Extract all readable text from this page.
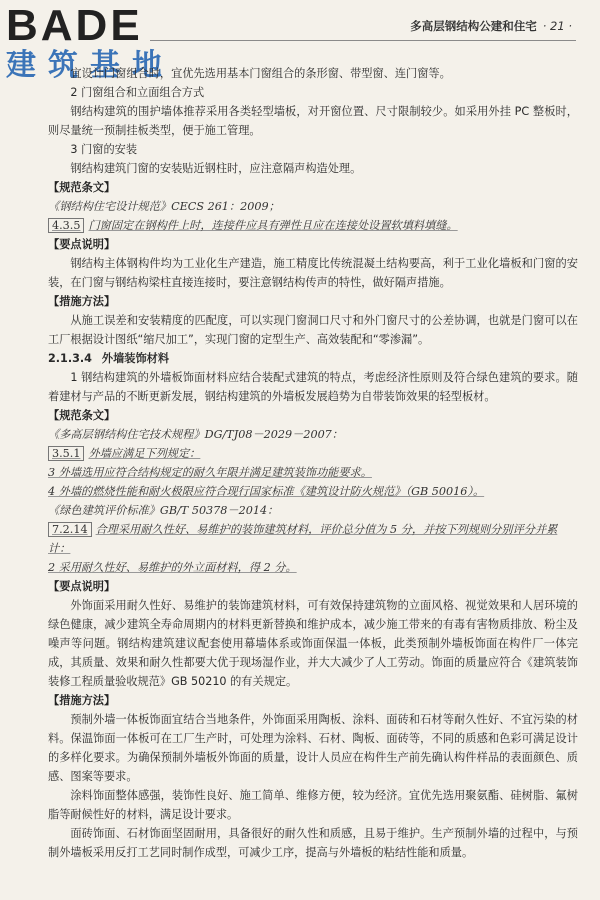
BADE
建筑基地
多高层钢结构公建和住宅 · 21 ·

宜设计门窗组合时，宜优先选用基本门窗组合的条形窗、带型窗、连门窗等。

2 门窗组合和立面组合方式

钢结构建筑的围护墙体推荐采用各类轻型墙板，对开窗位置、尺寸限制较少。如采用外挂 PC 整板时，则尽量统一预制挂板类型，便于施工管理。

3 门窗的安装

钢结构建筑门窗的安装贴近钢柱时，应注意隔声构造处理。

【规范条文】

《钢结构住宅设计规范》CECS 261：2009；

4.3.5 门窗固定在钢构件上时，连接件应具有弹性且应在连接处设置软填料填缝。

【要点说明】

钢结构主体钢构件均为工业化生产建造，施工精度比传统混凝土结构要高，利于工业化墙板和门窗的安装，在门窗与钢结构梁柱直接连接时，要注意钢结构传声的特性，做好隔声措施。

【措施方法】

从施工误差和安装精度的匹配度，可以实现门窗洞口尺寸和外门窗尺寸的公差协调，也就是门窗可以在工厂根据设计图纸“缩尺加工”，实现门窗的定型生产、高效装配和“零渗漏”。

2.1.3.4 外墙装饰材料

1 钢结构建筑的外墙板饰面材料应结合装配式建筑的特点，考虑经济性原则及符合绿色建筑的要求。随着建材与产品的不断更新发展，钢结构建筑的外墙板发展趋势为自带装饰效果的轻型板材。

【规范条文】

《多高层钢结构住宅技术规程》DG/TJ08－2029－2007：

3.5.1 外墙应满足下列规定：

3 外墙选用应符合结构规定的耐久年限并满足建筑装饰功能要求。

4 外墙的燃烧性能和耐火极限应符合现行国家标准《建筑设计防火规范》（GB 50016）。

《绿色建筑评价标准》GB/T 50378－2014：

7.2.14 合理采用耐久性好、易维护的装饰建筑材料，评价总分值为 5 分，并按下列规则分别评分并累计：

2 采用耐久性好、易维护的外立面材料，得 2 分。

【要点说明】

外饰面采用耐久性好、易维护的装饰建筑材料，可有效保持建筑物的立面风格、视觉效果和人居环境的绿色健康，减少建筑全寿命周期内的材料更新替换和维护成本，减少施工带来的有毒有害物质排放、粉尘及噪声等问题。钢结构建筑建议配套使用幕墙体系或饰面保温一体板，此类预制外墙板饰面在构件厂一体完成，其质量、效果和耐久性都要大优于现场湿作业，并大大减少了人工劳动。饰面的质量应符合《建筑装饰装修工程质量验收规范》GB 50210 的有关规定。

【措施方法】

预制外墙一体板饰面宜结合当地条件，外饰面采用陶板、涂料、面砖和石材等耐久性好、不宜污染的材料。保温饰面一体板可在工厂生产时，可处理为涂料、石材、陶板、面砖等，不同的质感和色彩可满足设计的多样化要求。为确保预制外墙板外饰面的质量，设计人员应在构件生产前先确认构件样品的表面颜色、质感、图案等要求。

涂料饰面整体感强，装饰性良好、施工简单、维修方便，较为经济。宜优先选用聚氨酯、硅树脂、氟树脂等耐候性好的材料，满足设计要求。

面砖饰面、石材饰面坚固耐用，具备很好的耐久性和质感，且易于维护。生产预制外墙的过程中，与预制外墙板采用反打工艺同时制作成型，可减少工序，提高与外墙板的粘结性能和质量。
